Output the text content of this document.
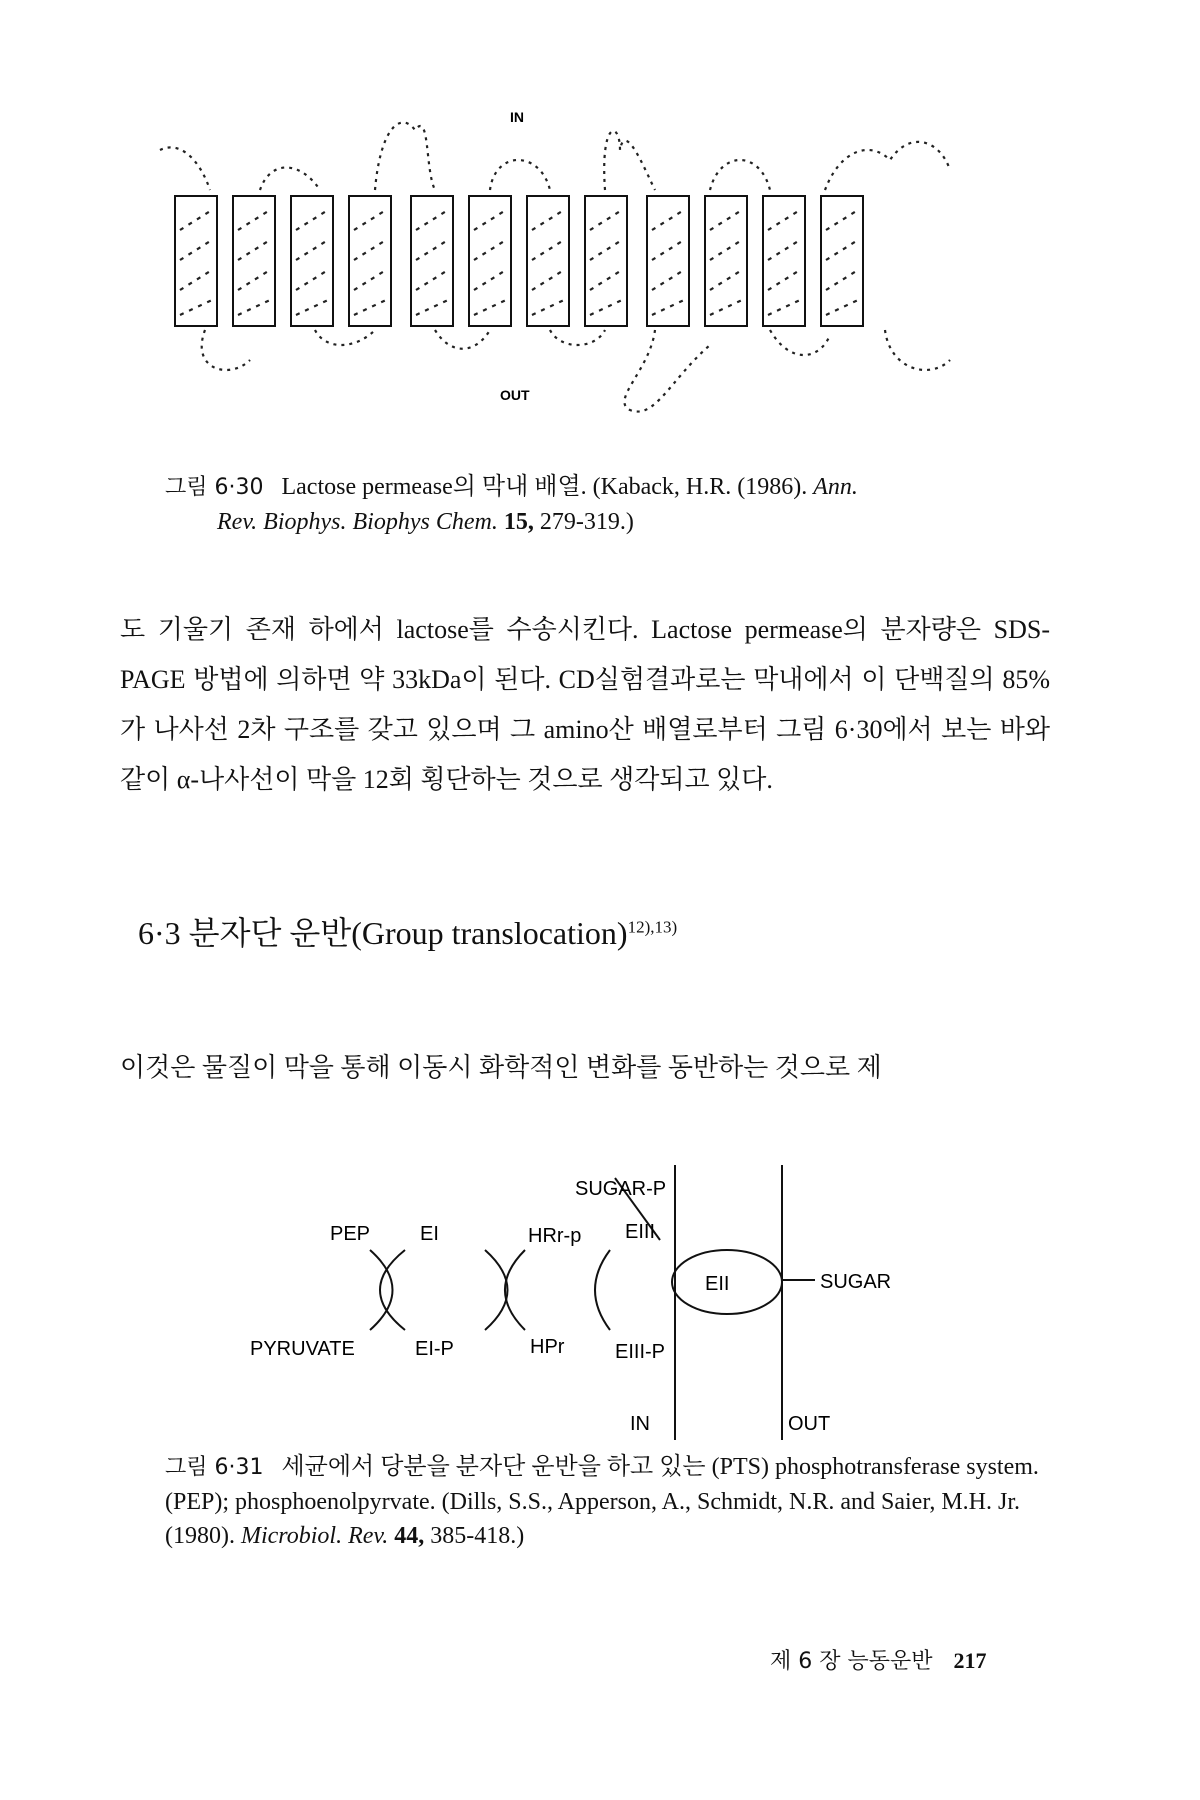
IN
OUT
그림 6·30 Lactose permease의 막내 배열. (Kaback, H.R. (1986). Ann.
Rev. Biophys. Biophys Chem. 15, 279-319.)

도 기울기 존재 하에서 lactose를 수송시킨다. Lactose permease의 분자량은 SDS-PAGE 방법에 의하면 약 33kDa이 된다. CD실험결과로는 막내에서 이 단백질의 85%가 나사선 2차 구조를 갖고 있으며 그 amino산 배열로부터 그림 6·30에서 보는 바와 같이 α-나사선이 막을 12회 횡단하는 것으로 생각되고 있다.

6·3 분자단 운반(Group translocation)$^{12),13)}$

이것은 물질이 막을 통해 이동시 화학적인 변화를 동반하는 것으로 제

SUGAR-P
PEP EI	HRr-p EIII
EII	SUGAR
PYRUVATE	EI-P	HPr	EIII-P
IN	OUT
그림 6·31 세균에서 당분을 분자단 운반을 하고 있는 (PTS) phosphotransferase system. (PEP); phosphoenolpyrvate. (Dills, S.S., Apperson, A., Schmidt, N.R. and Saier, M.H. Jr. (1980). Microbiol. Rev. 44, 385-418.)
제 6 장 능동운반 217
